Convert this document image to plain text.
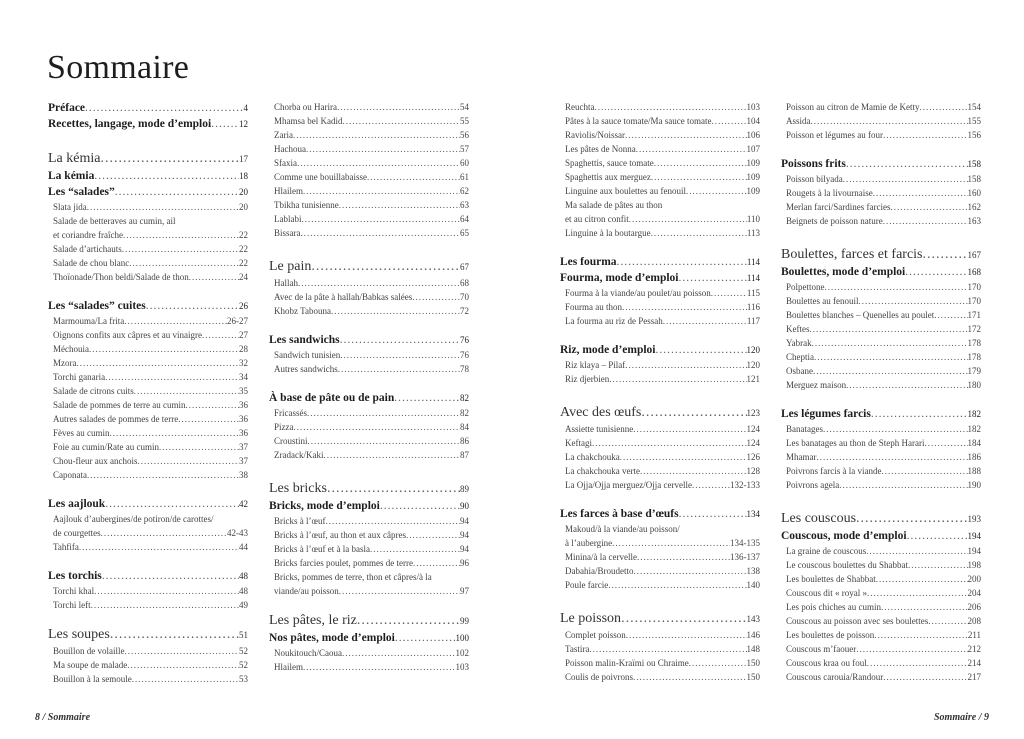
Sommaire
Préface .....	4
Recettes, langage, mode d’emploi .....	12
La kémia .....	17
La kémia .....	18
Les “salades” .....	20
Slata jida .....	20
Salade de betteraves au cumin, ail
et coriandre fraîche .....	22
Salade d’artichauts .....	22
Salade de chou blanc .....	22
Thoïonade/Thon beldi/Salade de thon .....	24
Les “salades” cuites .....	26
Marmouma/La frita .....	26-27
Oignons confits aux câpres et au vinaigre .....	27
Méchouia .....	28
Mzora .....	32
Torchi ganaria .....	34
Salade de citrons cuits .....	35
Salade de pommes de terre au cumin .....	36
Autres salades de pommes de terre .....	36
Fèves au cumin .....	36
Foie au cumin/Rate au cumin .....	37
Chou-fleur aux anchois .....	37
Caponata .....	38
Les aajlouk .....	42
Aajlouk d’aubergines/de potiron/de carottes/
de courgettes .....	42-43
Tahfifa .....	44
Les torchis .....	48
Torchi khal .....	48
Torchi left .....	49
Les soupes .....	51
Bouillon de volaille .....	52
Ma soupe de malade .....	52
Bouillon à la semoule .....	53
Chorba ou Harira .....	54
Mhamsa bel Kadid .....	55
Zaria .....	56
Hachoua .....	57
Sfaxia .....	60
Comme une bouillabaisse .....	61
Hlailem .....	62
Tbikha tunisienne .....	63
Lablabi .....	64
Bissara .....	65
Le pain .....	67
Hallah .....	68
Avec de la pâte à hallah/Babkas salées .....	70
Khobz Tabouna .....	72
Les sandwichs .....	76
Sandwich tunisien .....	76
Autres sandwichs .....	78
À base de pâte ou de pain .....	82
Fricassés .....	82
Pizza .....	84
Croustini .....	86
Zradack/Kaki .....	87
Les bricks .....	89
Bricks, mode d’emploi .....	90
Bricks à l’œuf .....	94
Bricks à l’œuf, au thon et aux câpres .....	94
Bricks à l’œuf et à la basla .....	94
Bricks farcies poulet, pommes de terre .....	96
Bricks, pommes de terre, thon et câpres/à la
viande/au poisson .....	97
Les pâtes, le riz .....	99
Nos pâtes, mode d’emploi .....	100
Noukitouch/Caoua .....	102
Hlailem .....	103
Reuchta .....	103
Pâtes à la sauce tomate/Ma sauce tomate .....	104
Raviolis/Noissar .....	106
Les pâtes de Nonna .....	107
Spaghettis, sauce tomate .....	109
Spaghettis aux merguez .....	109
Linguine aux boulettes au fenouil .....	109
Ma salade de pâtes au thon
et au citron confit .....	110
Linguine à la boutargue .....	113
Les fourma .....	114
Fourma, mode d’emploi .....	114
Fourma à la viande/au poulet/au poisson .....	115
Fourma au thon .....	116
La fourma au riz de Pessah .....	117
Riz, mode d’emploi .....	120
Riz klaya – Pilaf .....	120
Riz djerbien .....	121
Avec des œufs .....	123
Assiette tunisienne .....	124
Keftagi .....	124
La chakchouka .....	126
La chakchouka verte .....	128
La Ojja/Ojja merguez/Ojja cervelle .....	132-133
Les farces à base d’œufs .....	134
Makoud/à la viande/au poisson/
à l’aubergine .....	134-135
Minina/à la cervelle .....	136-137
Dabahia/Broudetto .....	138
Poule farcie .....	140
Le poisson .....	143
Complet poisson .....	146
Tastira .....	148
Poisson malin-Kraïmi ou Chraime .....	150
Coulis de poivrons .....	150
Poisson au citron de Mamie de Ketty .....	154
Assida .....	155
Poisson et légumes au four .....	156
Poissons frits .....	158
Poisson bilyada .....	158
Rougets à la livournaise .....	160
Merlan farci/Sardines farcies .....	162
Beignets de poisson nature .....	163
Boulettes, farces et farcis .....	167
Boulettes, mode d’emploi .....	168
Polpettone .....	170
Boulettes au fenouil .....	170
Boulettes blanches – Quenelles au poulet .....	171
Keftes .....	172
Yabrak .....	178
Cheptia .....	178
Osbane .....	179
Merguez maison .....	180
Les légumes farcis .....	182
Banatages .....	182
Les banatages au thon de Steph Harari .....	184
Mhamar .....	186
Poivrons farcis à la viande .....	188
Poivrons agela .....	190
Les couscous .....	193
Couscous, mode d’emploi .....	194
La graine de couscous .....	194
Le couscous boulettes du Shabbat .....	198
Les boulettes de Shabbat .....	200
Couscous dit « royal » .....	204
Les pois chiches au cumin .....	206
Couscous au poisson avec ses boulettes .....	208
Les boulettes de poisson .....	211
Couscous m’faouer .....	212
Couscous kraa ou foul .....	214
Couscous carouia/Randour .....	217
8 / Sommaire	Sommaire / 9
